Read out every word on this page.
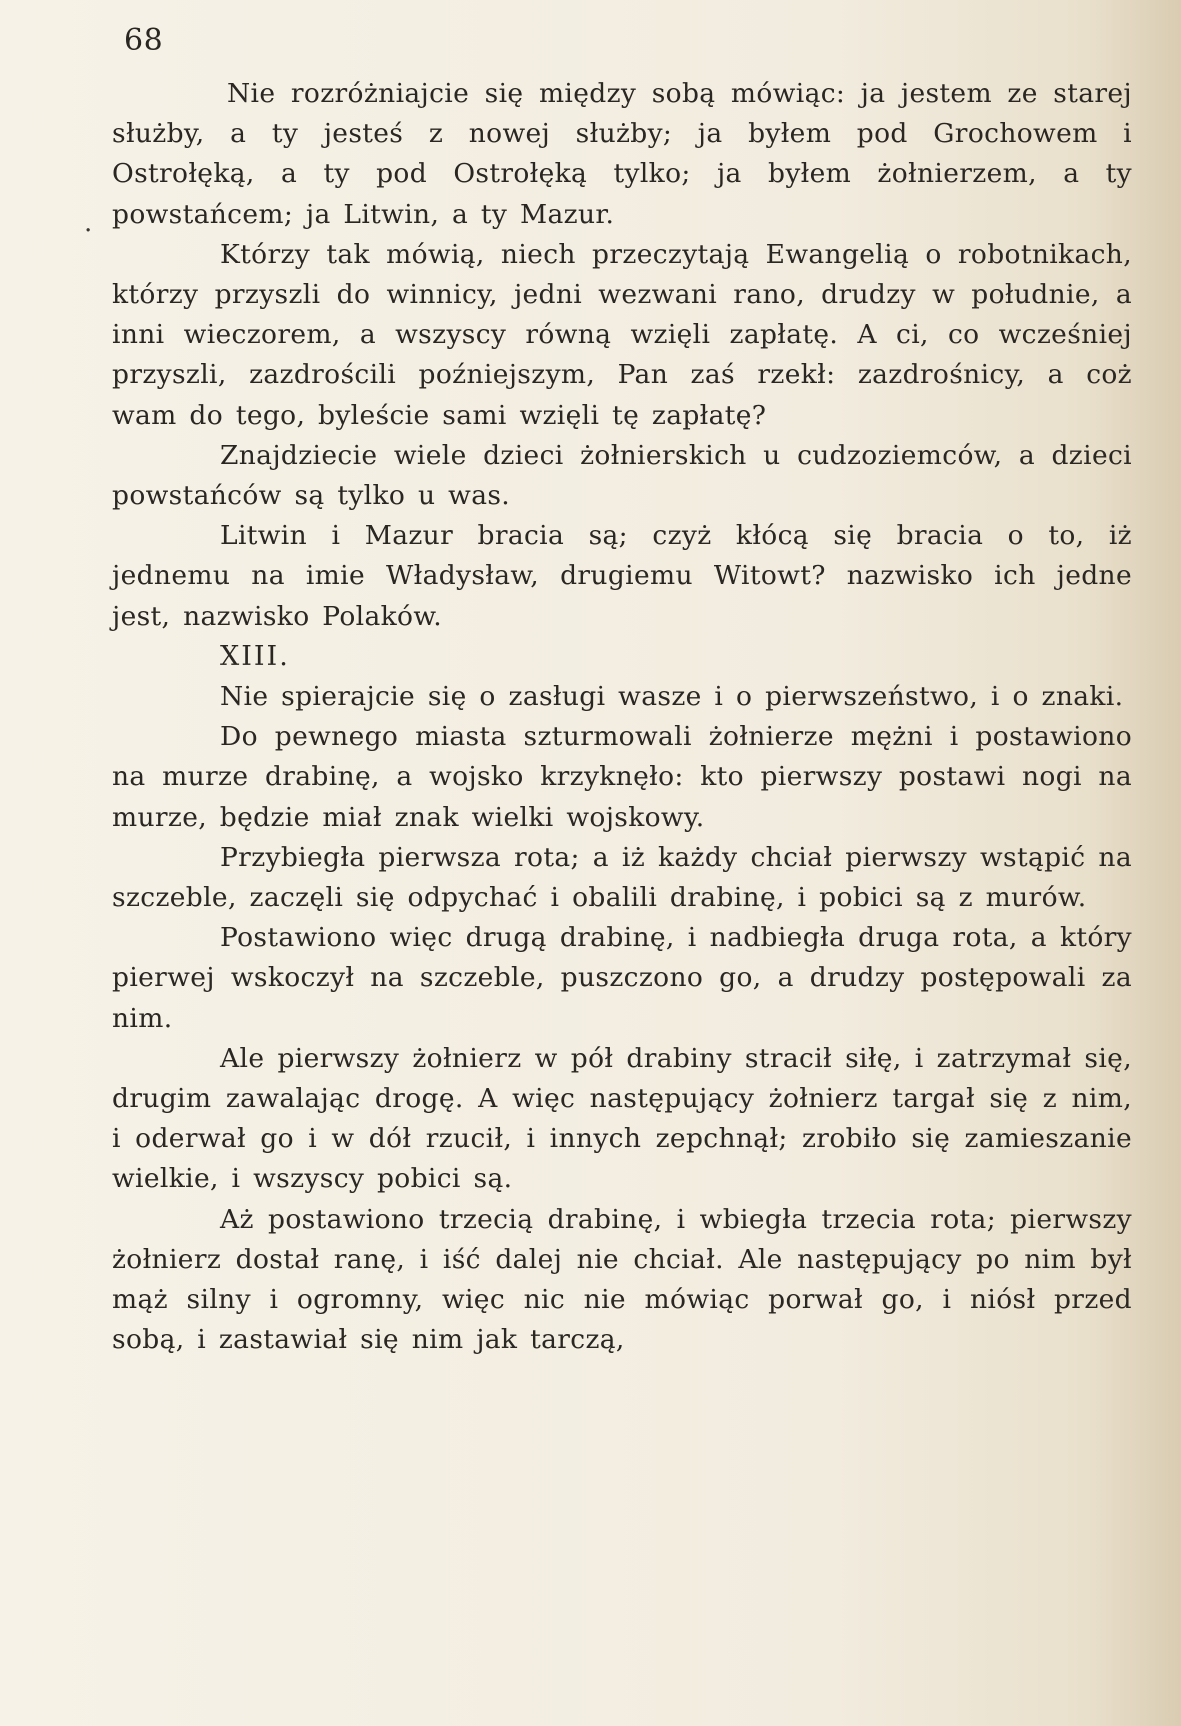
68

Nie rozróżniajcie się między sobą mówiąc: ja jestem ze starej służby, a ty jesteś z nowej służby; ja byłem pod Grochowem i Ostrołęką, a ty pod Ostrołęką tylko; ja byłem żołnierzem, a ty powstańcem; ja Litwin, a ty Mazur.

Którzy tak mówią, niech przeczytają Ewangelią o robotnikach, którzy przyszli do winnicy, jedni wezwani rano, drudzy w południe, a inni wieczorem, a wszyscy równą wzięli zapłatę. A ci, co wcześniej przyszli, zazdrościli poźniejszym, Pan zaś rzekł: zazdrośnicy, a coż wam do tego, byleście sami wzięli tę zapłatę?

Znajdziecie wiele dzieci żołnierskich u cudzoziemców, a dzieci powstańców są tylko u was.

Litwin i Mazur bracia są; czyż kłócą się bracia o to, iż jednemu na imie Władysław, drugiemu Witowt? nazwisko ich jedne jest, nazwisko Polaków.

XIII.

Nie spierajcie się o zasługi wasze i o pierwszeństwo, i o znaki.

Do pewnego miasta szturmowali żołnierze mężni i postawiono na murze drabinę, a wojsko krzyknęło: kto pierwszy postawi nogi na murze, będzie miał znak wielki wojskowy.

Przybiegła pierwsza rota; a iż każdy chciał pierwszy wstąpić na szczeble, zaczęli się odpychać i obalili drabinę, i pobici są z murów.

Postawiono więc drugą drabinę, i nadbiegła druga rota, a który pierwej wskoczył na szczeble, puszczono go, a drudzy postępowali za nim.

Ale pierwszy żołnierz w pół drabiny stracił siłę, i zatrzymał się, drugim zawalając drogę. A więc następujący żołnierz targał się z nim, i oderwał go i w dół rzucił, i innych zepchnął; zrobiło się zamieszanie wielkie, i wszyscy pobici są.

Aż postawiono trzecią drabinę, i wbiegła trzecia rota; pierwszy żołnierz dostał ranę, i iść dalej nie chciał. Ale następujący po nim był mąż silny i ogromny, więc nic nie mówiąc porwał go, i niósł przed sobą, i zastawiał się nim jak tarczą,

.
